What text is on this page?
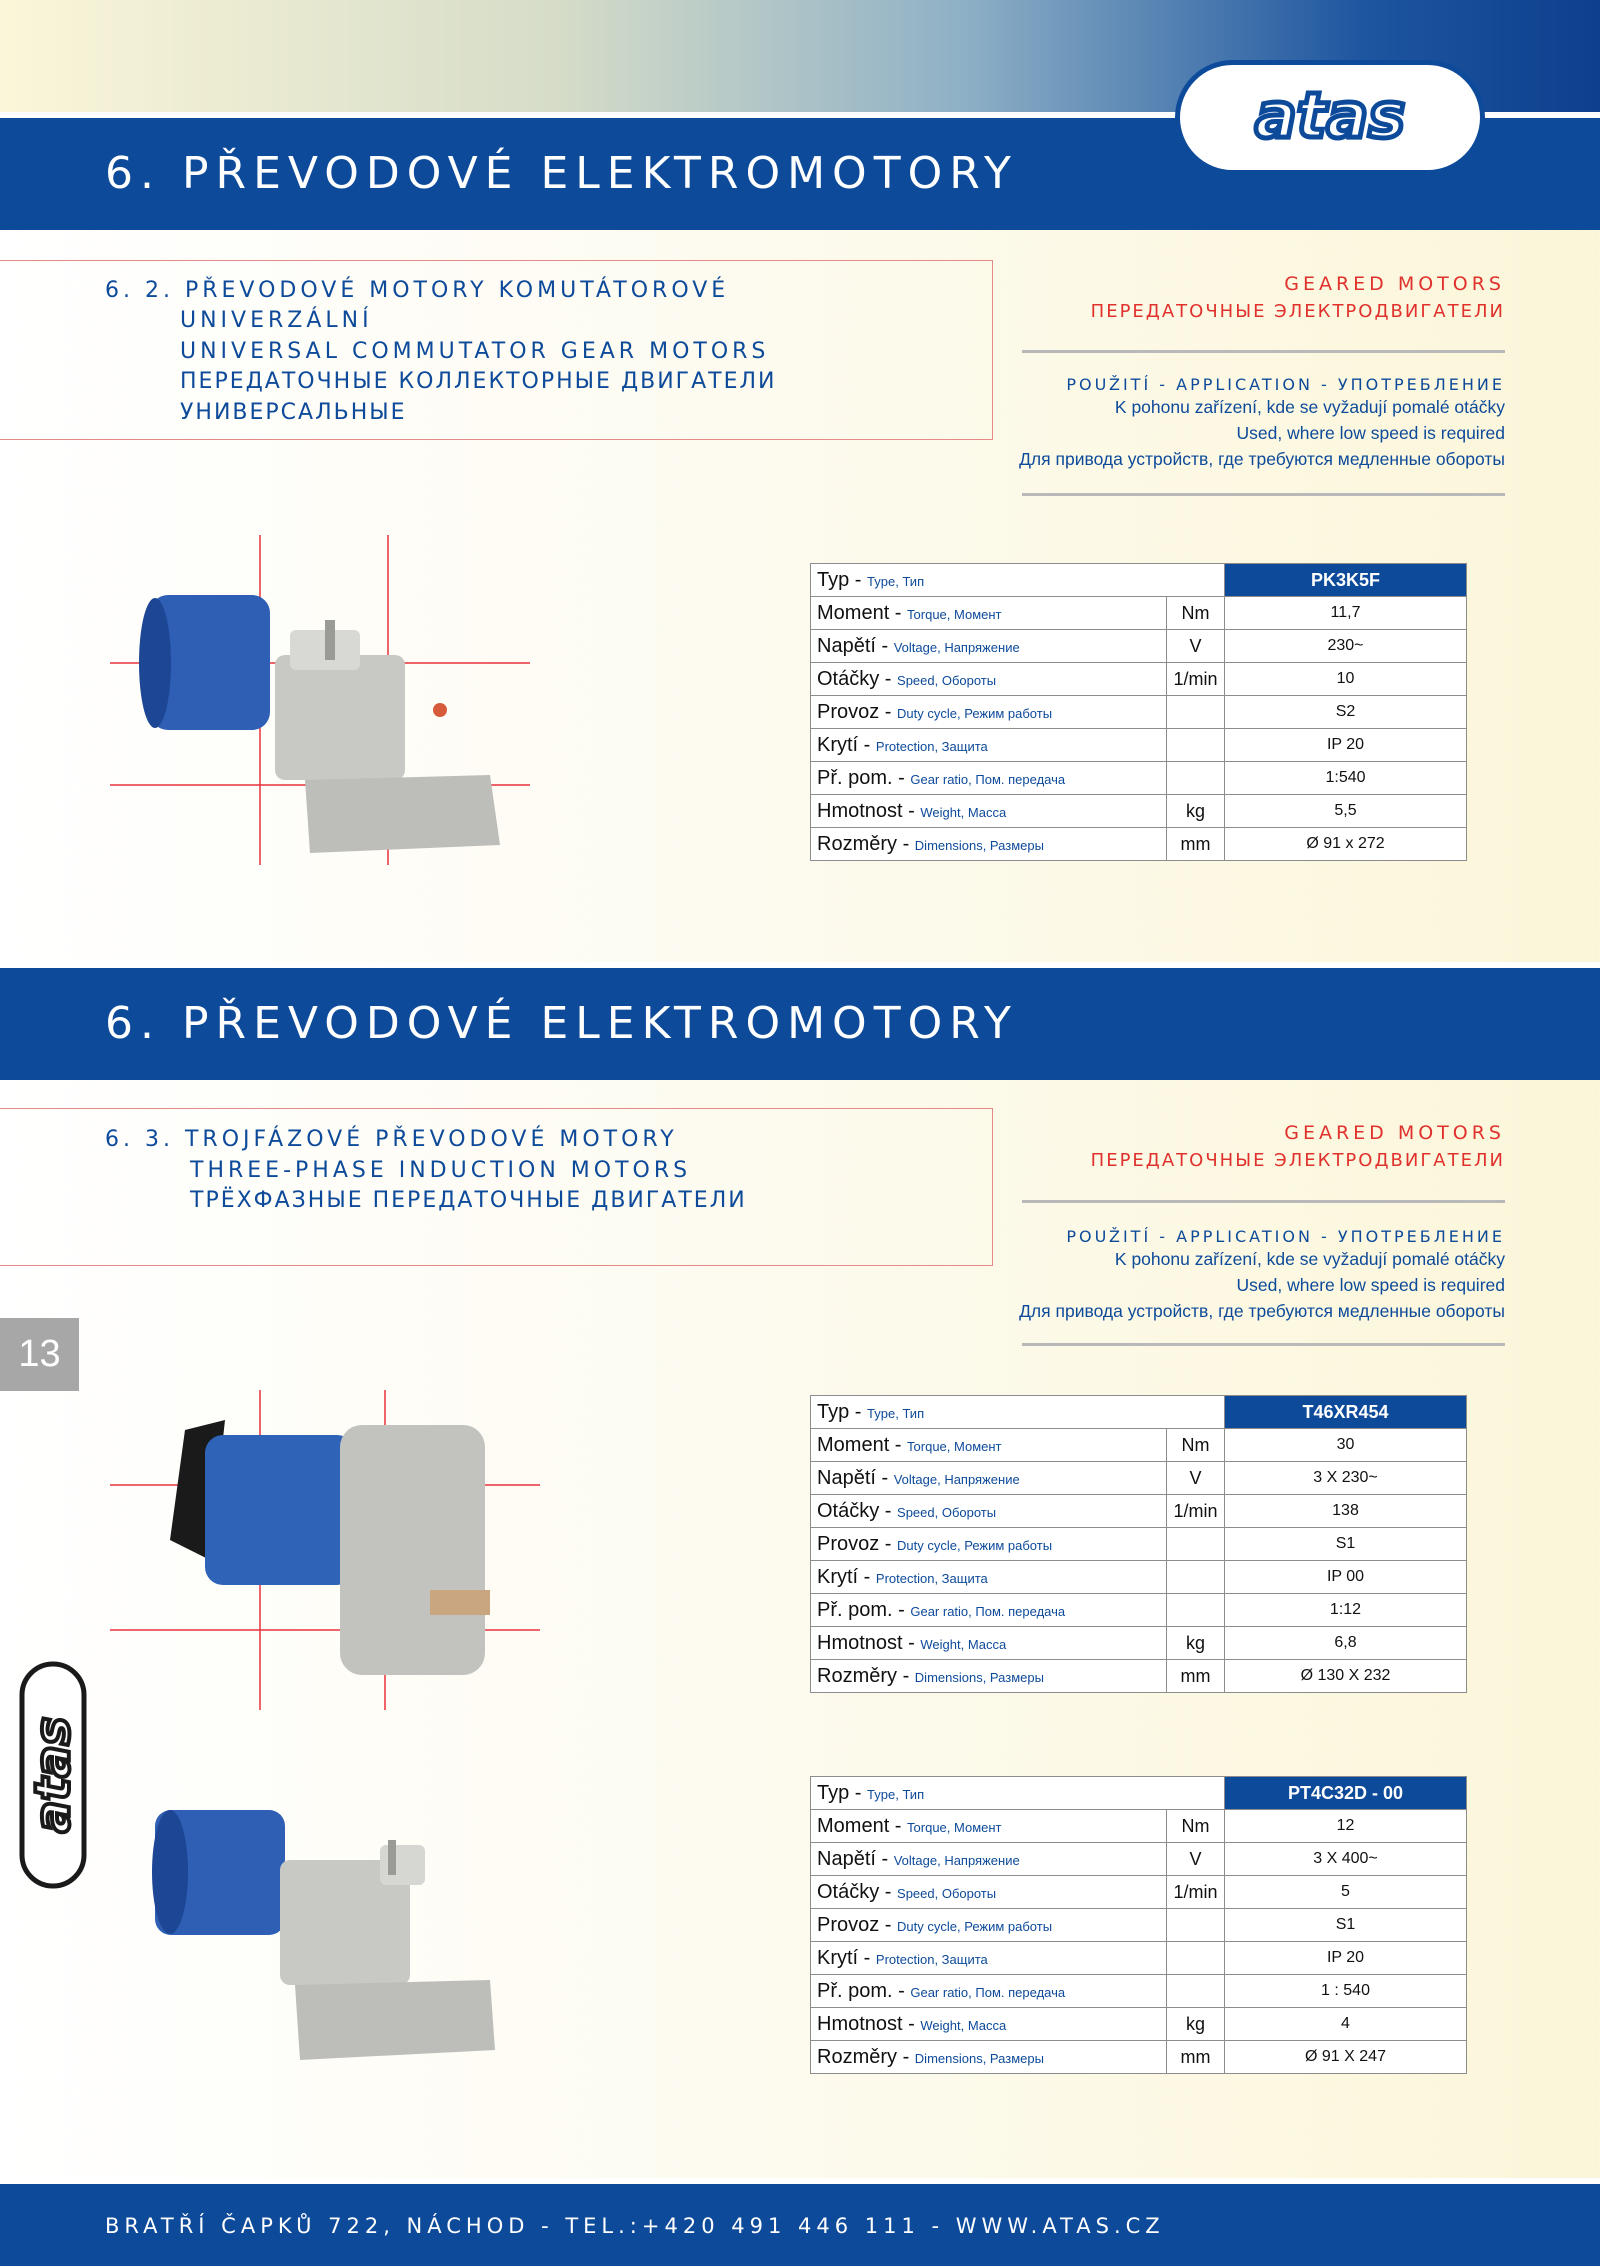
6. PŘEVODOVÉ ELEKTROMOTORY
atas
6. 2. PŘEVODOVÉ MOTORY KOMUTÁTOROVÉ
UNIVERZÁLNÍ
UNIVERSAL COMMUTATOR GEAR MOTORS
ПЕРЕДАТОЧНЫЕ КОЛЛЕКТОРНЫЕ ДВИГАТЕЛИ
УНИВЕРСАЛЬНЫЕ
GEARED MOTORS
ПЕРЕДАТОЧНЫЕ ЭЛЕКТРОДВИГАТЕЛИ
POUŽITÍ - APPLICATION - УПОТРЕБЛЕНИЕ
K pohonu zařízení, kde se vyžadují pomalé otáčky
Used, where low speed is required
Для привода устройств, где требуются медленные обороты
Typ - Type, Тип		PK3K5F
Moment - Torque, Момент	Nm	11,7
Napětí - Voltage, Напряжение	V	230~
Otáčky - Speed, Обороты	1/min	10
Provoz - Duty cycle, Режим работы		S2
Krytí - Protection, Защита		IP 20
Př. pom. - Gear ratio, Пом. передача		1:540
Hmotnost - Weight, Масса	kg	5,5
Rozměry - Dimensions, Размеры	mm	Ø 91 x 272
6. PŘEVODOVÉ ELEKTROMOTORY
6. 3. TROJFÁZOVÉ PŘEVODOVÉ MOTORY
THREE-PHASE INDUCTION MOTORS
ТРЁХФАЗНЫЕ ПЕРЕДАТОЧНЫЕ ДВИГАТЕЛИ
GEARED MOTORS
ПЕРЕДАТОЧНЫЕ ЭЛЕКТРОДВИГАТЕЛИ
POUŽITÍ - APPLICATION - УПОТРЕБЛЕНИЕ
K pohonu zařízení, kde se vyžadují pomalé otáčky
Used, where low speed is required
Для привода устройств, где требуются медленные обороты
13
Typ - Type, Тип		T46XR454
Moment - Torque, Момент	Nm	30
Napětí - Voltage, Напряжение	V	3 X 230~
Otáčky - Speed, Обороты	1/min	138
Provoz - Duty cycle, Режим работы		S1
Krytí - Protection, Защита		IP 00
Př. pom. - Gear ratio, Пом. передача		1:12
Hmotnost - Weight, Масса	kg	6,8
Rozměry - Dimensions, Размеры	mm	Ø 130 X 232
atas	Typ - Type, Тип		PT4C32D - 00
Moment - Torque, Момент	Nm	12
Napětí - Voltage, Напряжение	V	3 X 400~
Otáčky - Speed, Обороты	1/min	5
Provoz - Duty cycle, Режим работы		S1
Krytí - Protection, Защита		IP 20
Př. pom. - Gear ratio, Пом. передача		1 : 540
Hmotnost - Weight, Масса	kg	4
Rozměry - Dimensions, Размеры	mm	Ø 91 X 247
BRATŘÍ ČAPKŮ 722, NÁCHOD - TEL.:+420 491 446 111 - WWW.ATAS.CZ
